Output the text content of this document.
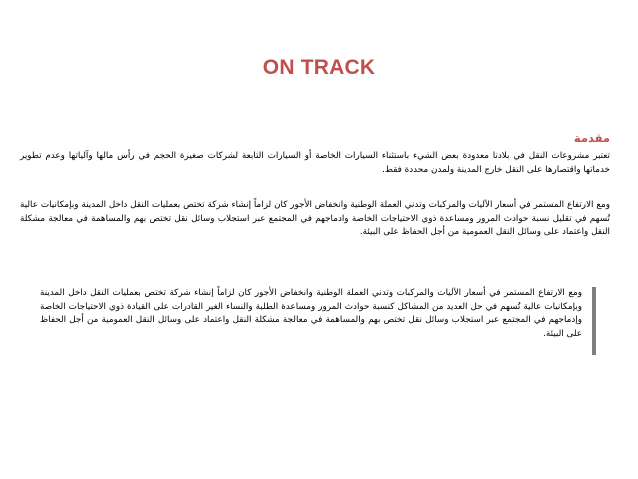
ON TRACK
مقدمة

تعتبر مشروعات النقل في بلادنا معدودة بعض الشيء باستثناء السيارات الخاصة أو السيارات التابعة لشركات صغيرة الحجم في رأس مالها وآلياتها وعدم تطوير خدماتها واقتصارها على النقل خارج المدينة ولمدن محددة فقط.

ومع الارتفاع المستمر في أسعار الآليات والمركبات وتدني العملة الوطنية وانخفاض الأجور كان لزاماً إنشاء شركة تختص بعمليات النقل داخل المدينة وبإمكانيات عالية تُسهم في تقليل نسبة حوادث المرور ومساعدة ذوي الاحتياجات الخاصة وادماجهم في المجتمع عبر استجلاب وسائل نقل تختص بهم والمساهمة في معالجة مشكلة النقل واعتماد على وسائل النقل العمومية من أجل الحفاظ على البيئة.

ومع الارتفاع المستمر في أسعار الآليات والمركبات وتدني العملة الوطنية وانخفاض الأجور كان لزاماً إنشاء شركة تختص بعمليات النقل داخل المدينة وبإمكانيات عالية تُسهم في حل العديد من المشاكل كنسبة حوادث المرور ومساعدة الطلبة والنساء الغير القادرات على القيادة ذوي الاحتياجات الخاصة وإدماجهم في المجتمع عبر استجلاب وسائل نقل تختص بهم والمساهمة في معالجة مشكلة النقل واعتماد على وسائل النقل العمومية من أجل الحفاظ على البيئة.
